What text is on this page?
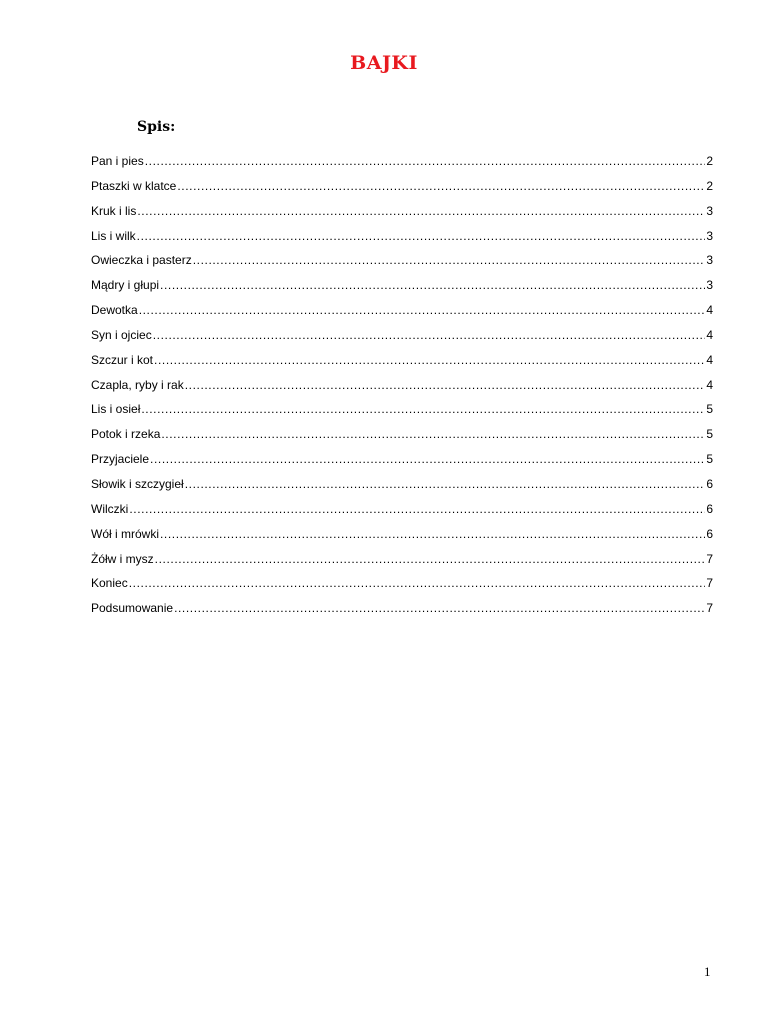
BAJKI
Spis:
Pan i pies .....	2
Ptaszki w klatce .....	2
Kruk i lis .....	3
Lis i wilk .....	3
Owieczka i pasterz .....	3
Mądry i głupi .....	3
Dewotka .....	4
Syn i ojciec .....	4
Szczur i kot .....	4
Czapla, ryby i rak .....	4
Lis i osieł .....	5
Potok i rzeka .....	5
Przyjaciele .....	5
Słowik i szczygieł .....	6
Wilczki .....	6
Wół i mrówki .....	6
Żółw i mysz .....	7
Koniec .....	7
Podsumowanie .....	7
1
